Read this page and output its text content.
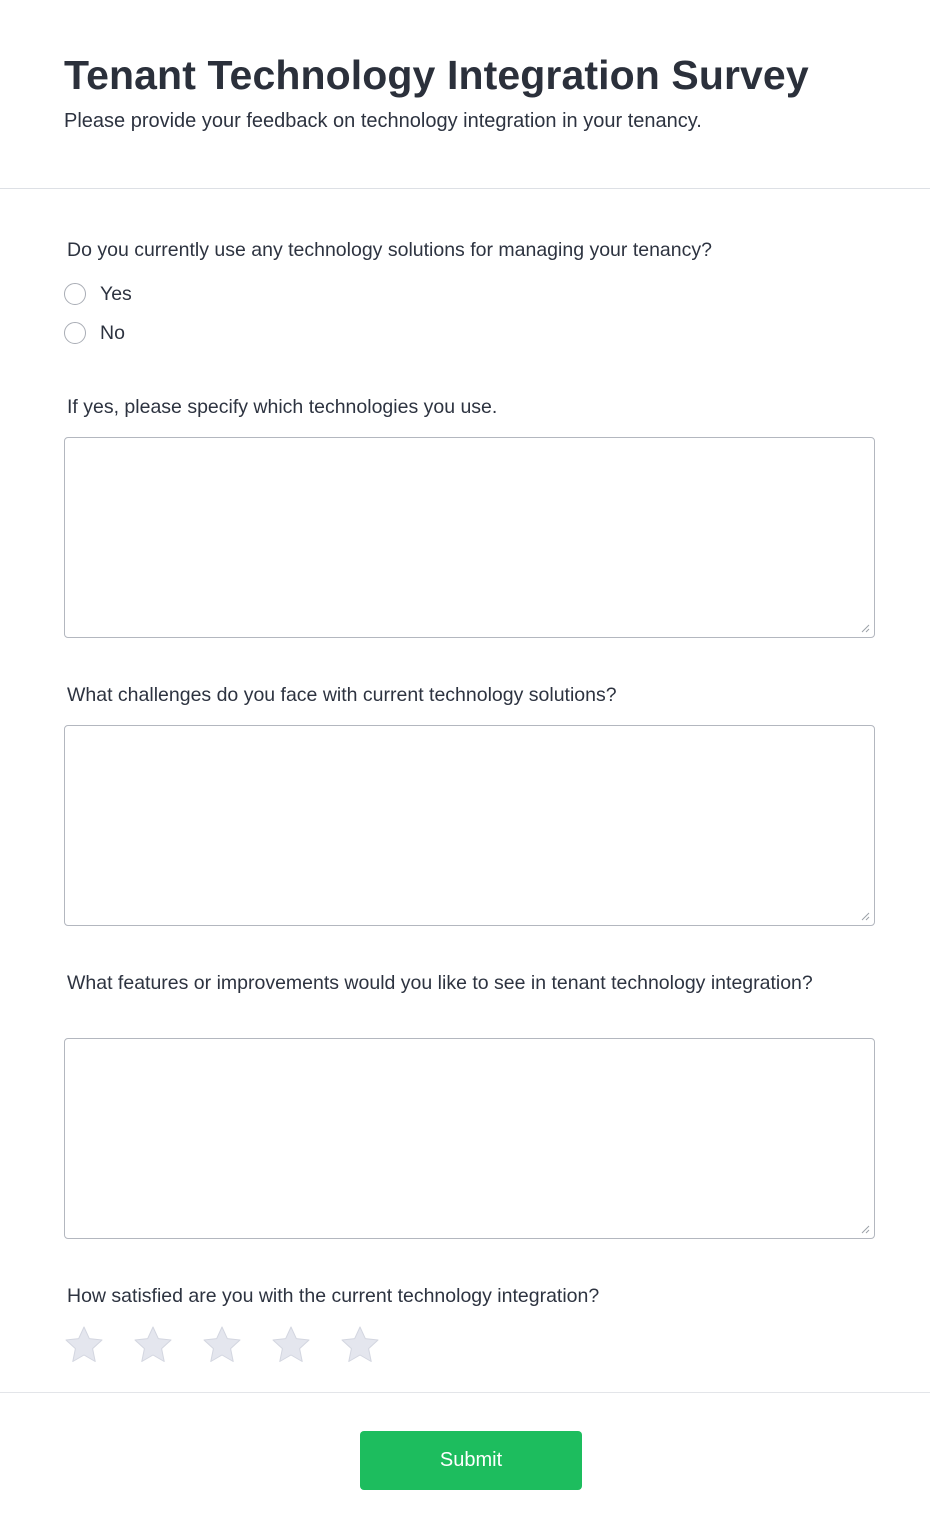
Tenant Technology Integration Survey

Please provide your feedback on technology integration in your tenancy.

Do you currently use any technology solutions for managing your tenancy?

Yes
No

If yes, please specify which technologies you use.

What challenges do you face with current technology solutions?

What features or improvements would you like to see in tenant technology integration?

How satisfied are you with the current technology integration?

Submit
